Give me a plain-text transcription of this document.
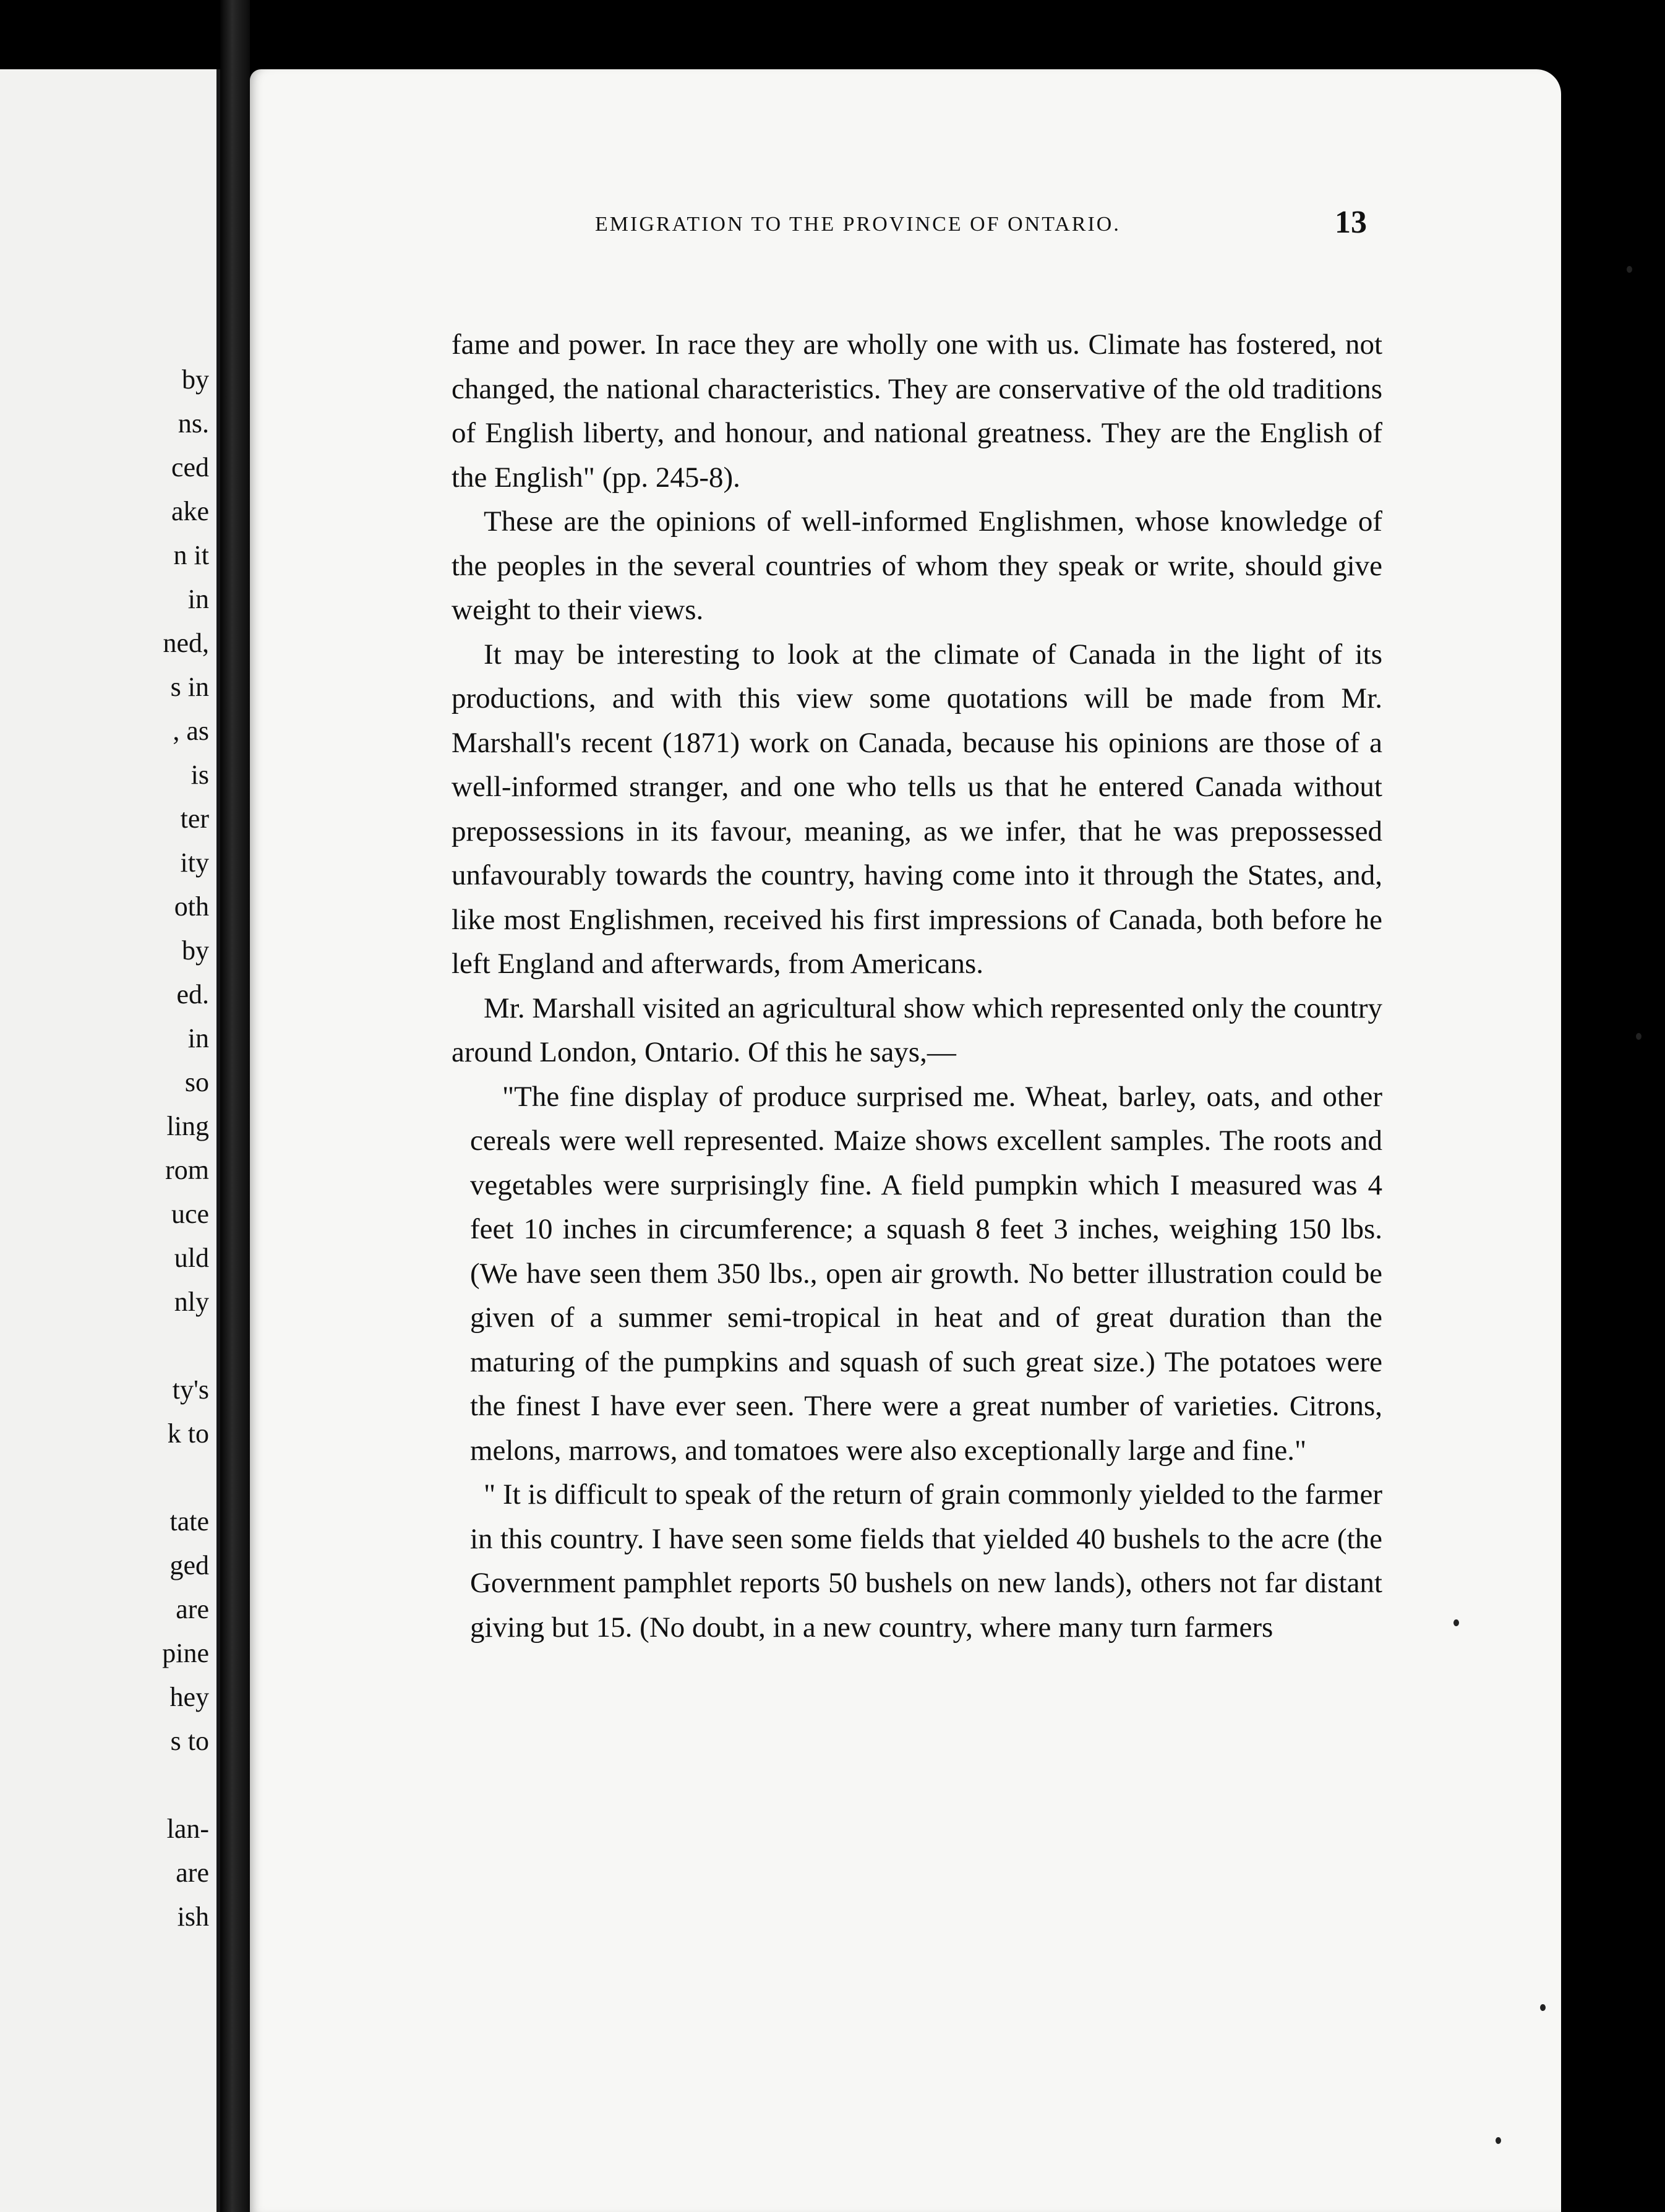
by
ns.
ced
ake
n it
in
ned,
s in
, as
is
ter
ity
oth
by
ed.
in
so
ling
rom
uce
uld
nly
ty's
k to
tate
ged
are
pine
hey
s to
lan-
are
ish
EMIGRATION TO THE PROVINCE OF ONTARIO.	13

fame and power. In race they are wholly one with us. Climate has fostered, not changed, the national characteristics. They are conservative of the old traditions of English liberty, and honour, and national greatness. They are the English of the English" (pp. 245-8).

These are the opinions of well-informed Englishmen, whose knowledge of the peoples in the several countries of whom they speak or write, should give weight to their views.

It may be interesting to look at the climate of Canada in the light of its productions, and with this view some quotations will be made from Mr. Marshall's recent (1871) work on Canada, because his opinions are those of a well-informed stranger, and one who tells us that he entered Canada without prepossessions in its favour, meaning, as we infer, that he was prepossessed unfavourably towards the country, having come into it through the States, and, like most Englishmen, received his first impressions of Canada, both before he left England and afterwards, from Americans.

Mr. Marshall visited an agricultural show which represented only the country around London, Ontario. Of this he says,—

"The fine display of produce surprised me. Wheat, barley, oats, and other cereals were well represented. Maize shows excellent samples. The roots and vegetables were surprisingly fine. A field pumpkin which I measured was 4 feet 10 inches in circumference; a squash 8 feet 3 inches, weighing 150 lbs. (We have seen them 350 lbs., open air growth. No better illustration could be given of a summer semi-tropical in heat and of great duration than the maturing of the pumpkins and squash of such great size.) The potatoes were the finest I have ever seen. There were a great number of varieties. Citrons, melons, marrows, and tomatoes were also exceptionally large and fine."

" It is difficult to speak of the return of grain commonly yielded to the farmer in this country. I have seen some fields that yielded 40 bushels to the acre (the Government pamphlet reports 50 bushels on new lands), others not far distant giving but 15. (No doubt, in a new country, where many turn farmers
